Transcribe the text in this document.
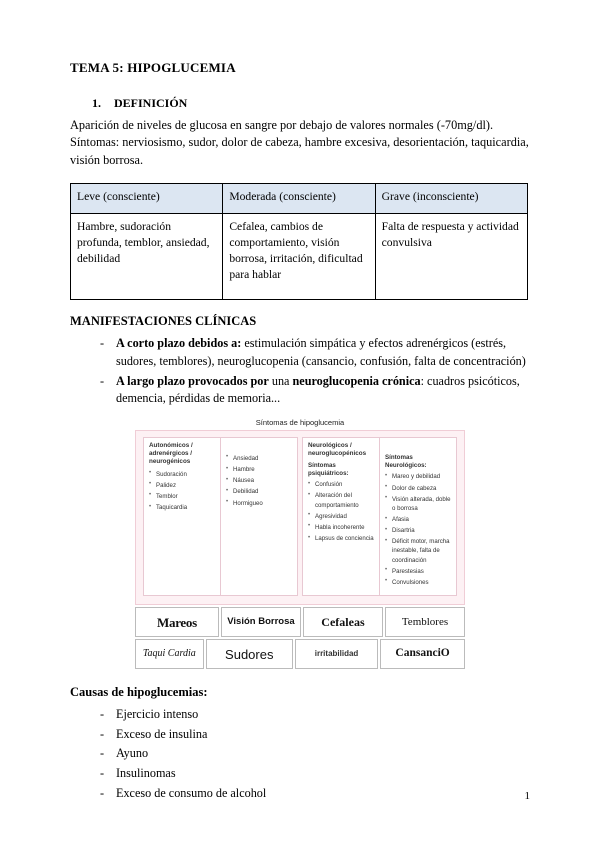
TEMA 5: HIPOGLUCEMIA
1. DEFINICIÓN

Aparición de niveles de glucosa en sangre por debajo de valores normales (-70mg/dl). Síntomas: nerviosismo, sudor, dolor de cabeza, hambre excesiva, desorientación, taquicardia, visión borrosa.

Leve (consciente)	Moderada (consciente)	Grave (inconsciente)
Hambre, sudoración profunda, temblor, ansiedad, debilidad	Cefalea, cambios de comportamiento, visión borrosa, irritación, dificultad para hablar	Falta de respuesta y actividad convulsiva
MANIFESTACIONES CLÍNICAS
- A corto plazo debidos a: estimulación simpática y efectos adrenérgicos (estrés, sudores, temblores), neuroglucopenia (cansancio, confusión, falta de concentración)
- A largo plazo provocados por una neuroglucopenia crónica: cuadros psicóticos, demencia, pérdidas de memoria...
Síntomas de hipoglucemia
Autonómicos / adrenérgicos / neurogénicos
• Sudoración
• Palidez
• Temblor
• Taquicardia

• Ansiedad
• Hambre
• Náusea
• Debilidad
• Hormigueo
Neurológicos / neuroglucopénicos
Síntomas psiquiátricos:
• Confusión
• Alteración del comportamiento
• Agresividad
• Habla incoherente
• Lapsus de conciencia

Síntomas Neurológicos:
• Mareo y debilidad
• Dolor de cabeza
• Visión alterada, doble o borrosa
• Afasia
• Disartria
• Déficit motor, marcha inestable, falta de coordinación
• Parestesias
• Convulsiones
Mareos	Visión Borrosa	Cefaleas	Temblores
Taqui Cardia	Sudores	irritabilidad	CansanciO
Causas de hipoglucemias:
- Ejercicio intenso
- Exceso de insulina
- Ayuno
- Insulinomas
- Exceso de consumo de alcohol	1
